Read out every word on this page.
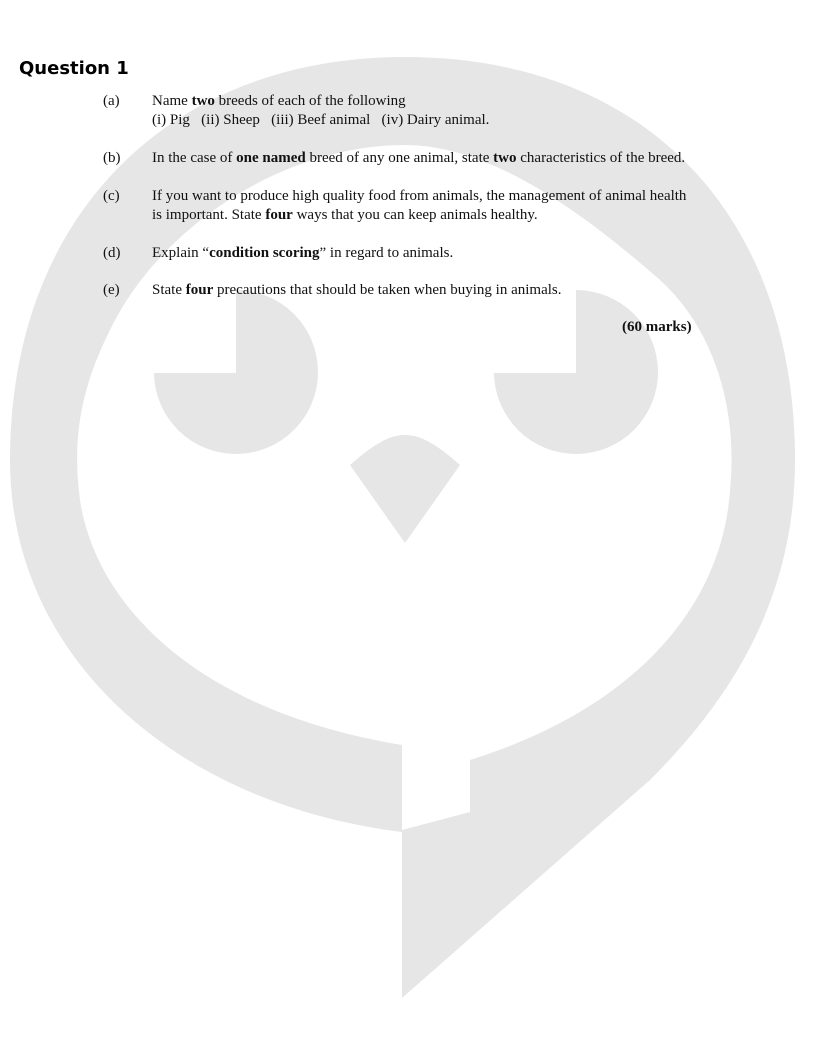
Question 1
(a) Name two breeds of each of the following
(i) Pig   (ii) Sheep   (iii) Beef animal   (iv) Dairy animal.
(b) In the case of one named breed of any one animal, state two characteristics of the breed.
(c) If you want to produce high quality food from animals, the management of animal health
is important. State four ways that you can keep animals healthy.
(d) Explain “condition scoring” in regard to animals.
(e) State four precautions that should be taken when buying in animals.
(60 marks)
